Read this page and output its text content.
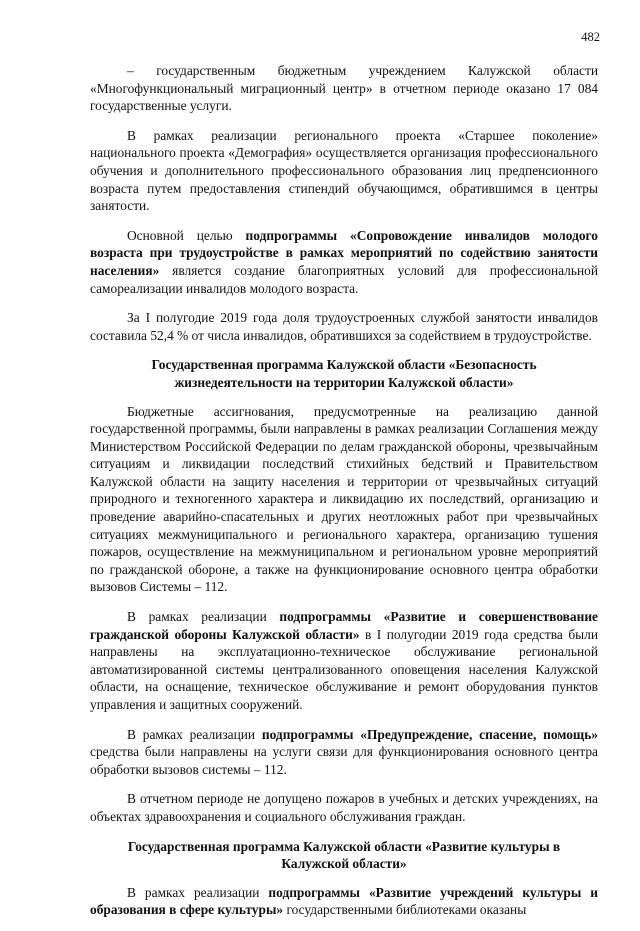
482

– государственным бюджетным учреждением Калужской области «Многофункциональный миграционный центр» в отчетном периоде оказано 17 084 государственные услуги.

В рамках реализации регионального проекта «Старшее поколение» национального проекта «Демография» осуществляется организация профессионального обучения и дополнительного профессионального образования лиц предпенсионного возраста путем предоставления стипендий обучающимся, обратившимся в центры занятости.

Основной целью подпрограммы «Сопровождение инвалидов молодого возраста при трудоустройстве в рамках мероприятий по содействию занятости населения» является создание благоприятных условий для профессиональной самореализации инвалидов молодого возраста.

За I полугодие 2019 года доля трудоустроенных службой занятости инвалидов составила 52,4 % от числа инвалидов, обратившихся за содействием в трудоустройстве.

Государственная программа Калужской области «Безопасность жизнедеятельности на территории Калужской области»

Бюджетные ассигнования, предусмотренные на реализацию данной государственной программы, были направлены в рамках реализации Соглашения между Министерством Российской Федерации по делам гражданской обороны, чрезвычайным ситуациям и ликвидации последствий стихийных бедствий и Правительством Калужской области на защиту населения и территории от чрезвычайных ситуаций природного и техногенного характера и ликвидацию их последствий, организацию и проведение аварийно-спасательных и других неотложных работ при чрезвычайных ситуациях межмуниципального и регионального характера, организацию тушения пожаров, осуществление на межмуниципальном и региональном уровне мероприятий по гражданской обороне, а также на функционирование основного центра обработки вызовов Системы – 112.

В рамках реализации подпрограммы «Развитие и совершенствование гражданской обороны Калужской области» в I полугодии 2019 года средства были направлены на эксплуатационно-техническое обслуживание региональной автоматизированной системы централизованного оповещения населения Калужской области, на оснащение, техническое обслуживание и ремонт оборудования пунктов управления и защитных сооружений.

В рамках реализации подпрограммы «Предупреждение, спасение, помощь» средства были направлены на услуги связи для функционирования основного центра обработки вызовов системы – 112.

В отчетном периоде не допущено пожаров в учебных и детских учреждениях, на объектах здравоохранения и социального обслуживания граждан.

Государственная программа Калужской области «Развитие культуры в Калужской области»

В рамках реализации подпрограммы «Развитие учреждений культуры и образования в сфере культуры» государственными библиотеками оказаны
